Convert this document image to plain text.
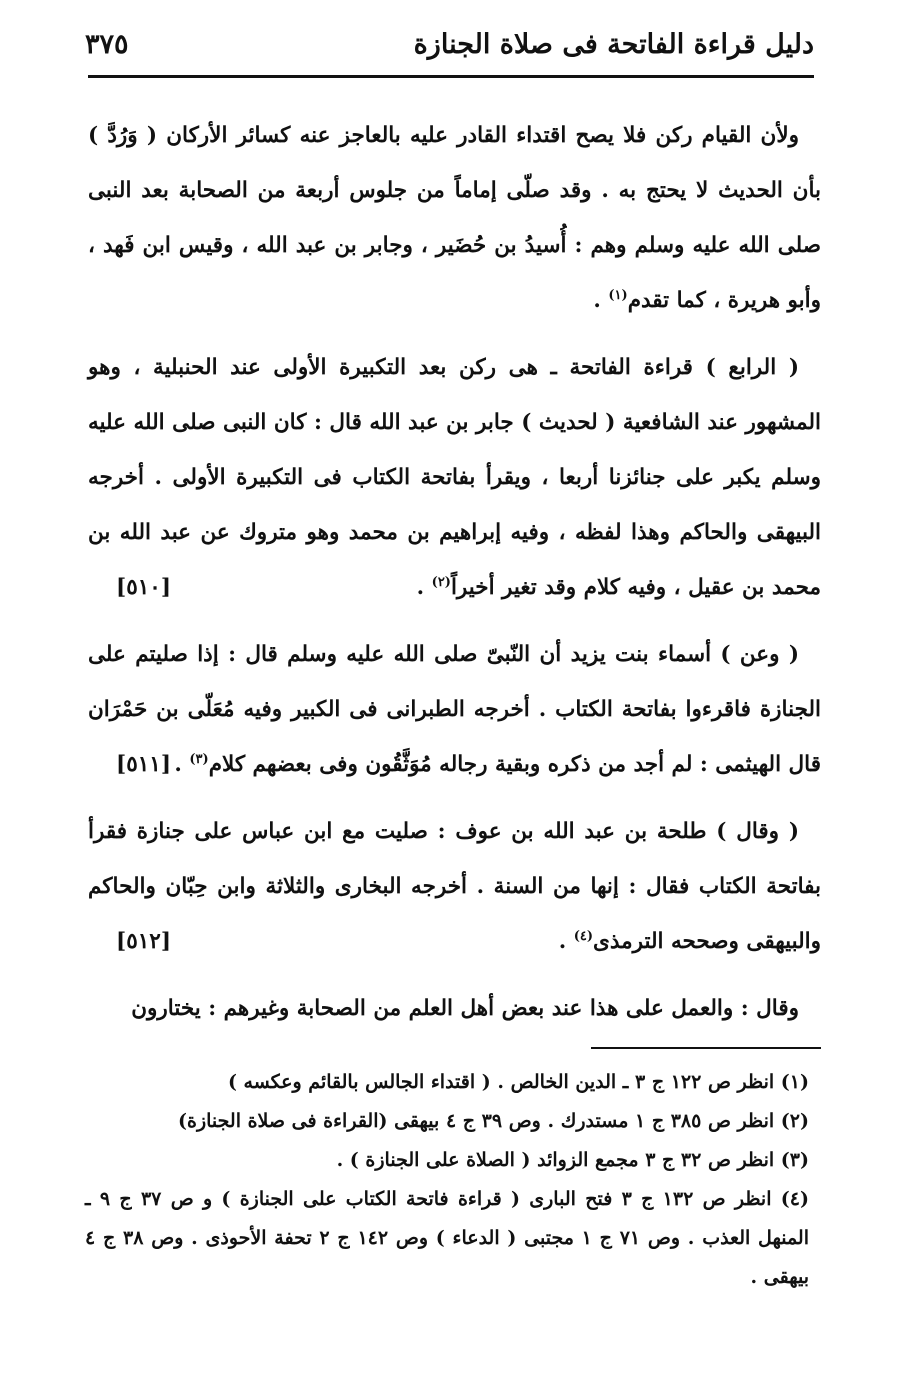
دليل قراءة الفاتحة فى صلاة الجنازة
٣٧٥

ولأن القيام ركن فلا يصح اقتداء القادر عليه بالعاجز عنه كسائر الأركان ( وَرُدَّ ) بأن الحديث لا يحتج به . وقد صلّى إماماً من جلوس أربعة من الصحابة بعد النبى صلى الله عليه وسلم وهم : أُسيدُ بن حُضَير ، وجابر بن عبد الله ، وقيس ابن فَهد ، وأبو هريرة ، كما تقدم$^{(١)}$ .

( الرابع ) قراءة الفاتحة ـ هى ركن بعد التكبيرة الأولى عند الحنبلية ، وهو المشهور عند الشافعية ( لحديث ) جابر بن عبد الله قال : كان النبى صلى الله عليه وسلم يكبر على جنائزنا أربعا ، ويقرأ بفاتحة الكتاب فى التكبيرة الأولى . أخرجه البيهقى والحاكم وهذا لفظه ، وفيه إبراهيم بن محمد وهو متروك عن عبد الله بن محمد بن عقيل ، وفيه كلام وقد تغير أخيراً$^{(٢)}$ .
[٥١٠]

( وعن ) أسماء بنت يزيد أن النّبىّ صلى الله عليه وسلم قال : إذا صليتم على الجنازة فاقرءوا بفاتحة الكتاب . أخرجه الطبرانى فى الكبير وفيه مُعَلّى بن حَمْرَان قال الهيثمى : لم أجد من ذكره وبقية رجاله مُوَثَّقُون وفى بعضهم كلام$^{(٣)}$ .
[٥١١]

( وقال ) طلحة بن عبد الله بن عوف : صليت مع ابن عباس على جنازة فقرأ بفاتحة الكتاب فقال : إنها من السنة . أخرجه البخارى والثلاثة وابن حِبّان والحاكم والبيهقى وصححه الترمذى$^{(٤)}$ .
[٥١٢]

وقال : والعمل على هذا عند بعض أهل العلم من الصحابة وغيرهم : يختارون

(١) انظر ص ١٢٢ ج ٣ ـ الدين الخالص . ( اقتداء الجالس بالقائم وعكسه )

(٢) انظر ص ٣٨٥ ج ١ مستدرك . وص ٣٩ ج ٤ بيهقى (القراءة فى صلاة الجنازة)

(٣) انظر ص ٣٢ ج ٣ مجمع الزوائد ( الصلاة على الجنازة ) .

(٤) انظر ص ١٣٢ ج ٣ فتح البارى ( قراءة فاتحة الكتاب على الجنازة ) و ص ٣٧ ج ٩ ـ المنهل العذب . وص ٧١ ج ١ مجتبى ( الدعاء ) وص ١٤٢ ج ٢ تحفة الأحوذى . وص ٣٨ ج ٤ بيهقى .
